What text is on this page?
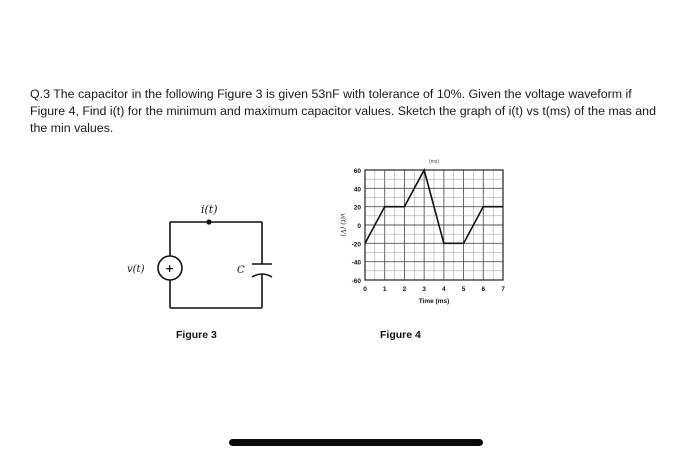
Q.3 The capacitor in the following Figure 3 is given 53nF with tolerance of 10%. Given the voltage waveform if Figure 4, Find i(t) for the minimum and maximum capacitor values. Sketch the graph of i(t) vs t(ms) of the mas and the min values.

i(t)
v(t) +	C
Figure 3
60
40
20
0
-20
-40
-60
0 1 2 3 4 5 6 7
Time (ms)
v(t) (V)
(ms)
Figure 4
